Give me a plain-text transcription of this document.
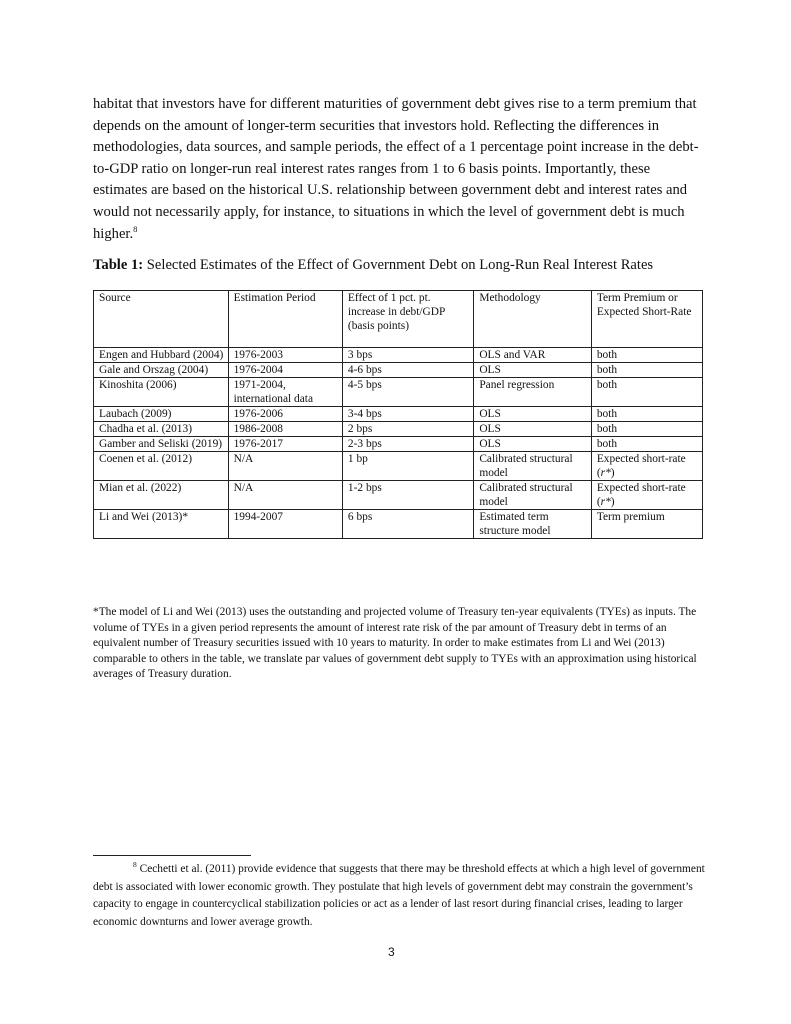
habitat that investors have for different maturities of government debt gives rise to a term premium that depends on the amount of longer-term securities that investors hold. Reflecting the differences in methodologies, data sources, and sample periods, the effect of a 1 percentage point increase in the debt-to-GDP ratio on longer-run real interest rates ranges from 1 to 6 basis points. Importantly, these estimates are based on the historical U.S. relationship between government debt and interest rates and would not necessarily apply, for instance, to situations in which the level of government debt is much higher.$^8$
Table 1: Selected Estimates of the Effect of Government Debt on Long-Run Real Interest Rates
Source	Estimation Period	Effect of 1 pct. pt. increase in debt/GDP (basis points)	Methodology	Term Premium or Expected Short-Rate
Engen and Hubbard (2004)	1976-2003	3 bps	OLS and VAR	both
Gale and Orszag (2004)	1976-2004	4-6 bps	OLS	both
Kinoshita (2006)	1971-2004, international data	4-5 bps	Panel regression	both
Laubach (2009)	1976-2006	3-4 bps	OLS	both
Chadha et al. (2013)	1986-2008	2 bps	OLS	both
Gamber and Seliski (2019)	1976-2017	2-3 bps	OLS	both
Coenen et al. (2012)	N/A	1 bp	Calibrated structural model	Expected short-rate (r*)
Mian et al. (2022)	N/A	1-2 bps	Calibrated structural model	Expected short-rate (r*)
Li and Wei (2013)*	1994-2007	6 bps	Estimated term structure model	Term premium
*The model of Li and Wei (2013) uses the outstanding and projected volume of Treasury ten-year equivalents (TYEs) as inputs. The volume of TYEs in a given period represents the amount of interest rate risk of the par amount of Treasury debt in terms of an equivalent number of Treasury securities issued with 10 years to maturity. In order to make estimates from Li and Wei (2013) comparable to others in the table, we translate par values of government debt supply to TYEs with an approximation using historical averages of Treasury duration.
$^8$ Cechetti et al. (2011) provide evidence that suggests that there may be threshold effects at which a high level of government debt is associated with lower economic growth. They postulate that high levels of government debt may constrain the government’s capacity to engage in countercyclical stabilization policies or act as a lender of last resort during financial crises, leading to larger economic downturns and lower average growth.
3
